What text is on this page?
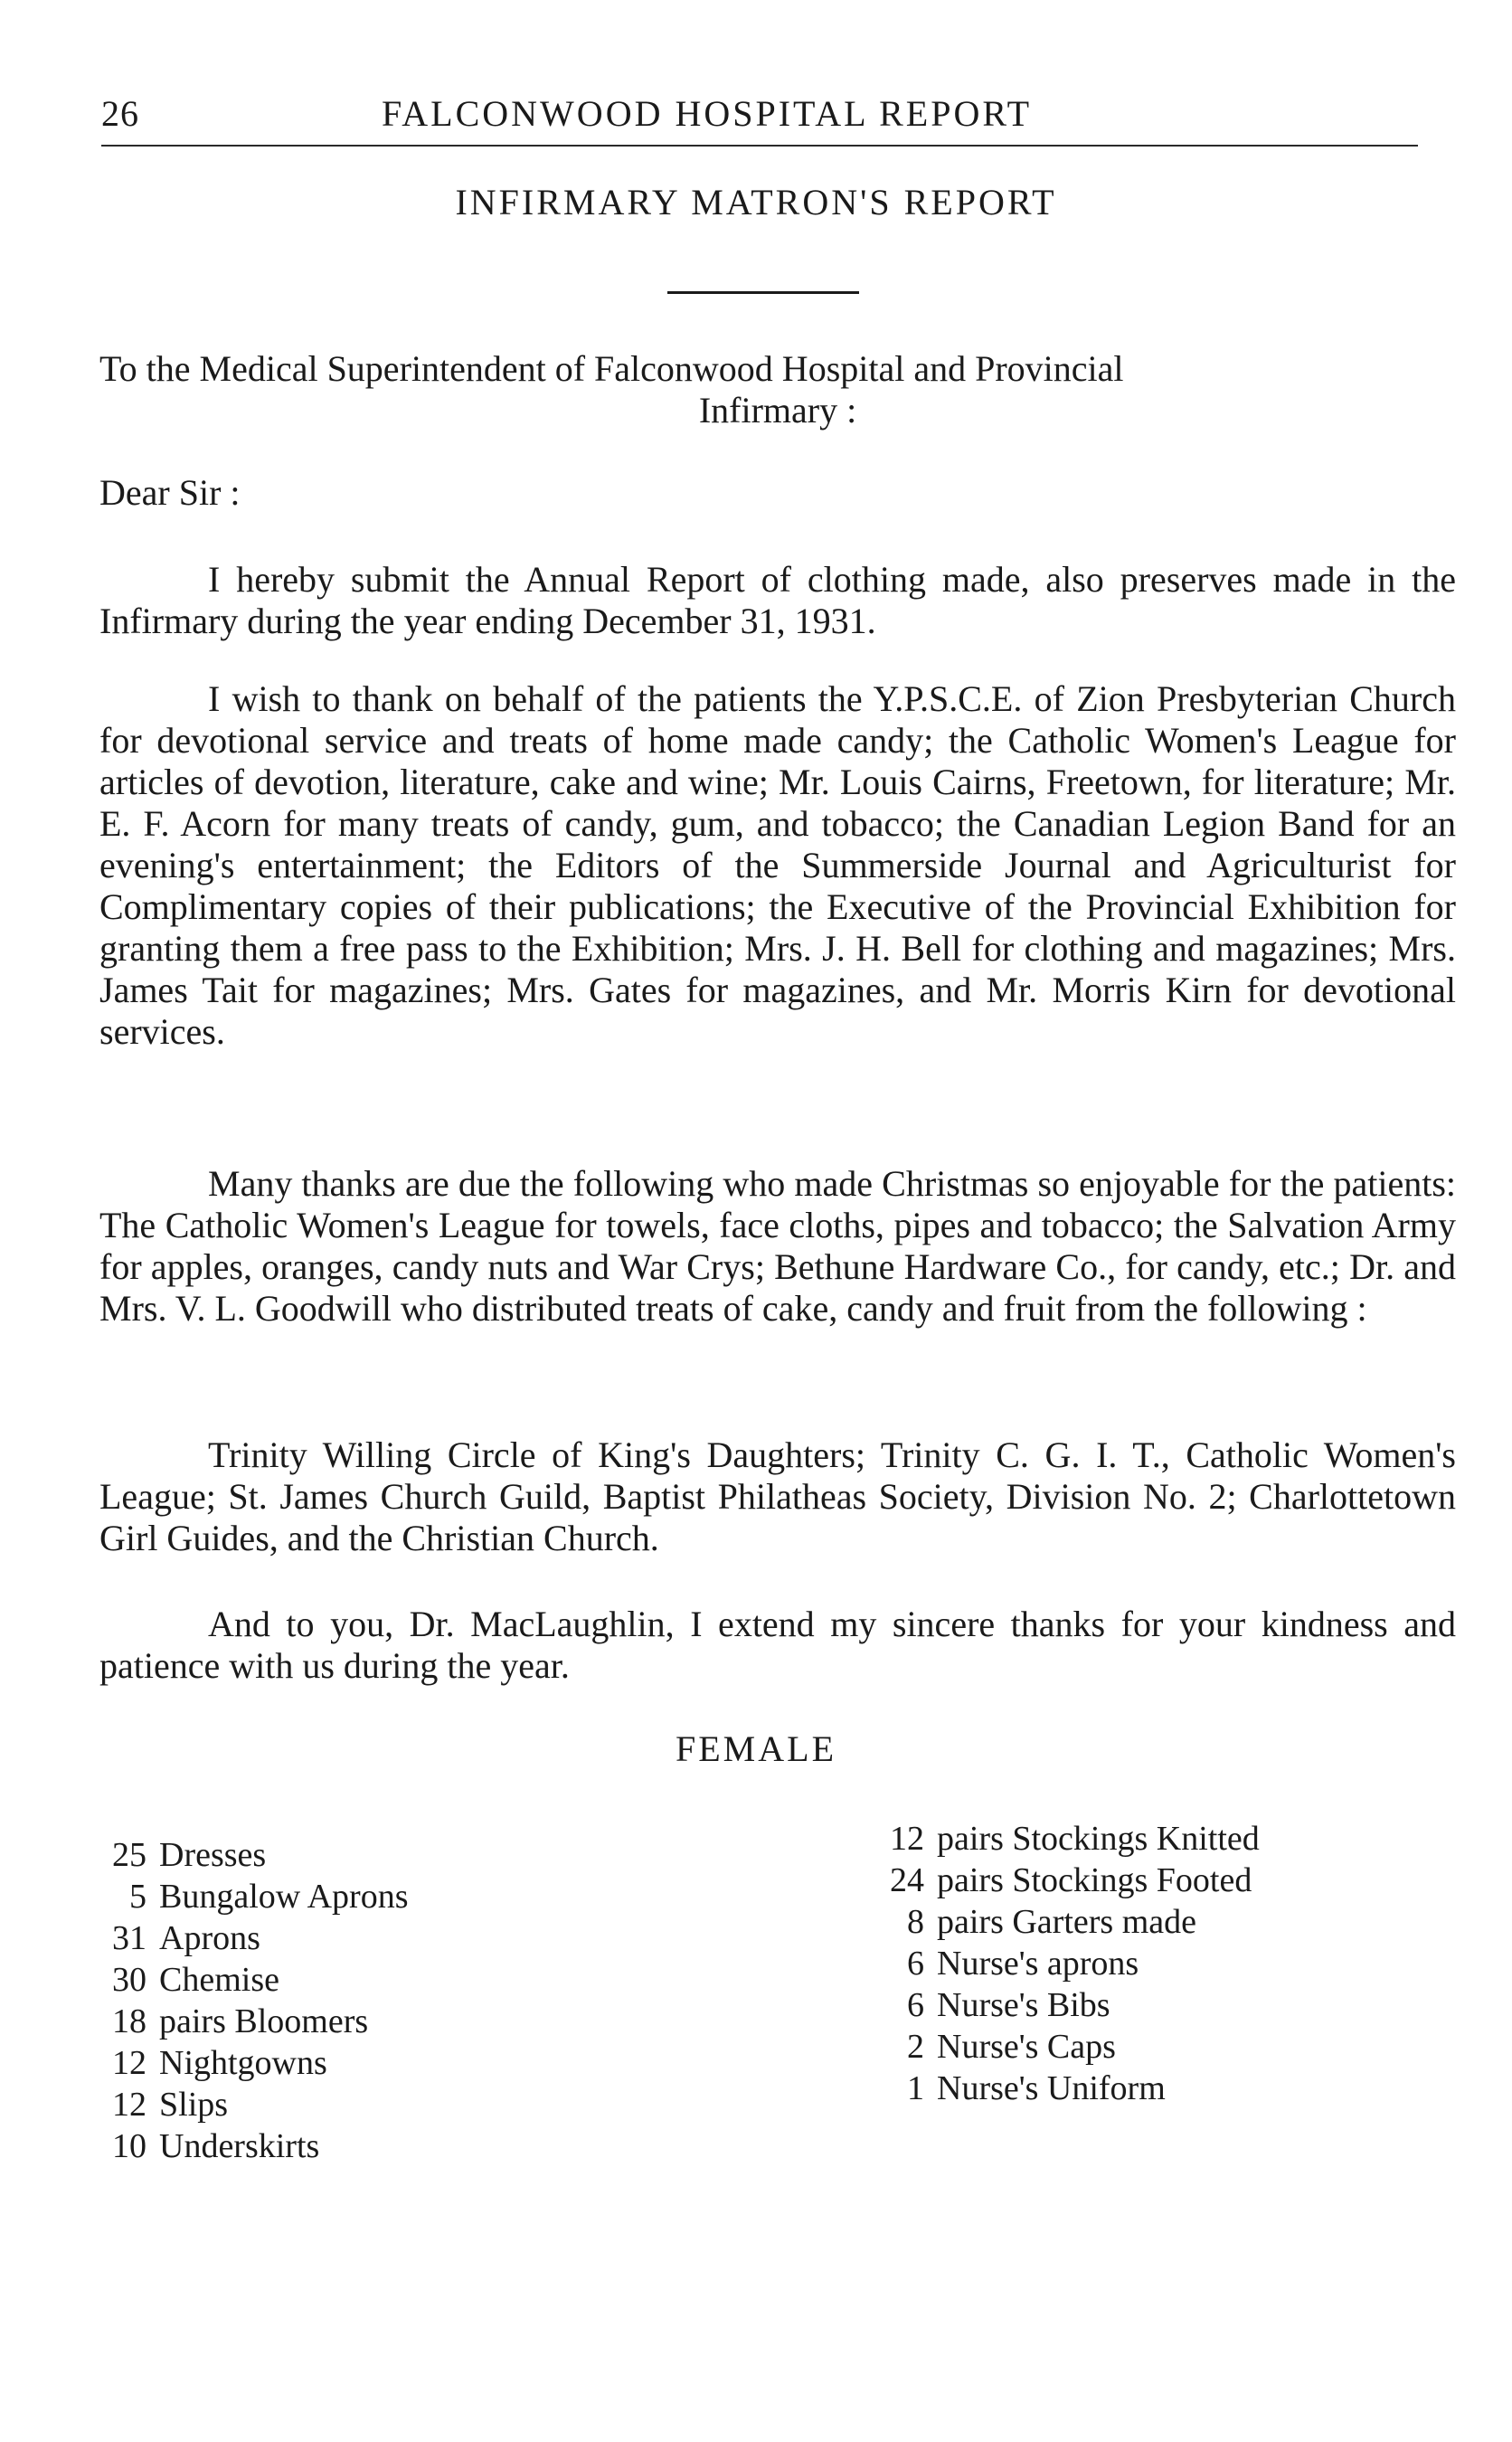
26	FALCONWOOD HOSPITAL REPORT
INFIRMARY MATRON'S REPORT
To the Medical Superintendent of Falconwood Hospital and Provincial
Infirmary :
Dear Sir :

I hereby submit the Annual Report of clothing made, also preserves made in the Infirmary during the year ending December 31, 1931.

I wish to thank on behalf of the patients the Y.P.S.C.E. of Zion Presbyterian Church for devotional service and treats of home made candy; the Catholic Women's League for articles of devotion, literature, cake and wine; Mr. Louis Cairns, Freetown, for literature; Mr. E. F. Acorn for many treats of candy, gum, and tobacco; the Canadian Legion Band for an evening's entertainment; the Editors of the Summerside Journal and Agriculturist for Complimentary copies of their publications; the Executive of the Provincial Exhibition for granting them a free pass to the Exhibition; Mrs. J. H. Bell for clothing and magazines; Mrs. James Tait for magazines; Mrs. Gates for magazines, and Mr. Morris Kirn for devotional services.

Many thanks are due the following who made Christmas so enjoyable for the patients: The Catholic Women's League for towels, face cloths, pipes and tobacco; the Salvation Army for apples, oranges, candy nuts and War Crys; Bethune Hardware Co., for candy, etc.; Dr. and Mrs. V. L. Goodwill who distributed treats of cake, candy and fruit from the following :

Trinity Willing Circle of King's Daughters; Trinity C. G. I. T., Catholic Women's League; St. James Church Guild, Baptist Philatheas Society, Division No. 2; Charlottetown Girl Guides, and the Christian Church.

And to you, Dr. MacLaughlin, I extend my sincere thanks for your kindness and patience with us during the year.

FEMALE
25 Dresses
5 Bungalow Aprons
31 Aprons
30 Chemise
18 pairs Bloomers
12 Nightgowns
12 Slips
10 Underskirts
12 pairs Stockings Knitted
24 pairs Stockings Footed
8 pairs Garters made
6 Nurse's aprons
6 Nurse's Bibs
2 Nurse's Caps
1 Nurse's Uniform
